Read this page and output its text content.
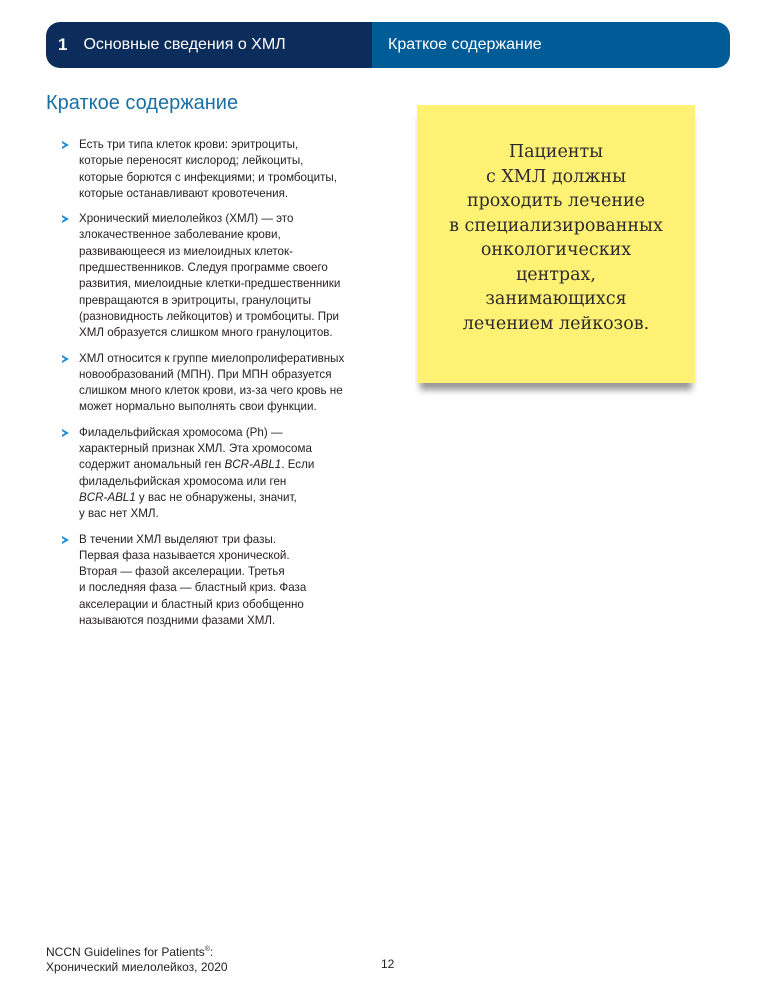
1 Основные сведения о ХМЛ	Краткое содержание
Краткое содержание

Есть три типа клеток крови: эритроциты,
которые переносят кислород; лейкоциты,
которые борются с инфекциями; и тромбоциты,
которые останавливают кровотечения.

Хронический миелолейкоз (ХМЛ) — это
злокачественное заболевание крови,
развивающееся из миелоидных клеток-
предшественников. Следуя программе своего
развития, миелоидные клетки-предшественники
превращаются в эритроциты, гранулоциты
(разновидность лейкоцитов) и тромбоциты. При
ХМЛ образуется слишком много гранулоцитов.

ХМЛ относится к группе миелопролиферативных
новообразований (МПН). При МПН образуется
слишком много клеток крови, из-за чего кровь не
может нормально выполнять свои функции.

Филадельфийская хромосома (Ph) —
характерный признак ХМЛ. Эта хромосома
содержит аномальный ген BCR-ABL1. Если
филадельфийская хромосома или ген
BCR-ABL1 у вас не обнаружены, значит,
у вас нет ХМЛ.

В течении ХМЛ выделяют три фазы.
Первая фаза называется хронической.
Вторая — фазой акселерации. Третья
и последняя фаза — бластный криз. Фаза
акселерации и бластный криз обобщенно
называются поздними фазами ХМЛ.

Пациенты
с ХМЛ должны
проходить лечение
в специализированных
онкологических
центрах,
занимающихся
лечением лейкозов.
NCCN Guidelines for Patients®:
Хронический миелолейкоз, 2020	12
